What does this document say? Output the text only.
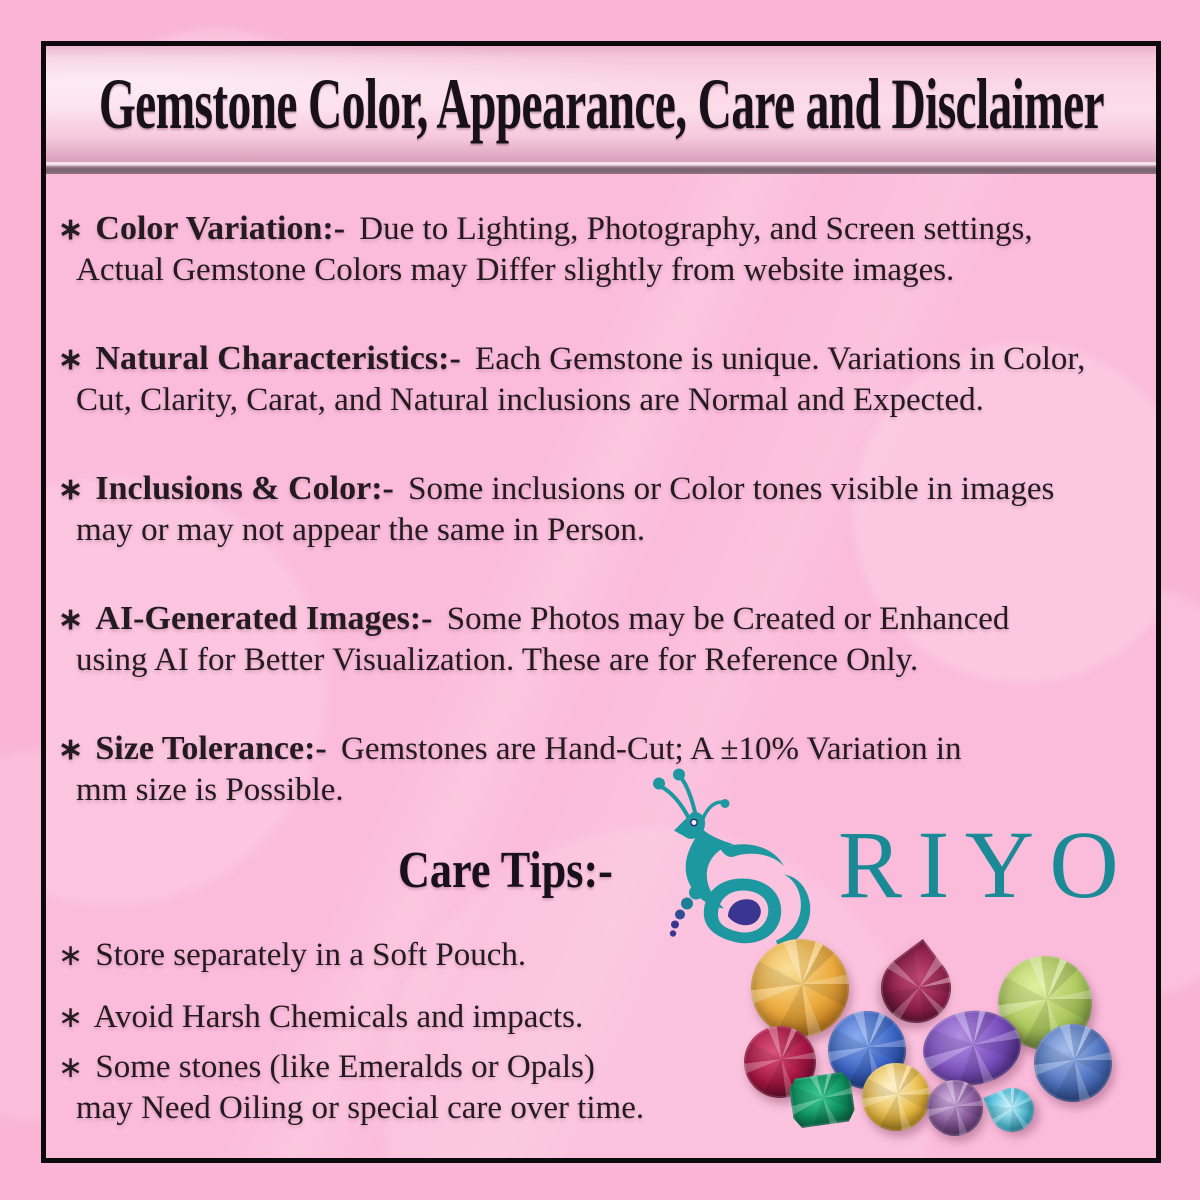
Gemstone Color, Appearance, Care and Disclaimer
∗ Color Variation:- Due to Lighting, Photography, and Screen settings,
Actual Gemstone Colors may Differ slightly from website images.
∗ Natural Characteristics:- Each Gemstone is unique. Variations in Color,
Cut, Clarity, Carat, and Natural inclusions are Normal and Expected.
∗ Inclusions & Color:- Some inclusions or Color tones visible in images
may or may not appear the same in Person.
∗ AI-Generated Images:- Some Photos may be Created or Enhanced
using AI for Better Visualization. These are for Reference Only.
∗ Size Tolerance:- Gemstones are Hand-Cut; A ±10% Variation in
mm size is Possible.
Care Tips:- RIYO
∗ Store separately in a Soft Pouch.
∗ Avoid Harsh Chemicals and impacts.
∗ Some stones (like Emeralds or Opals)
may Need Oiling or special care over time.
